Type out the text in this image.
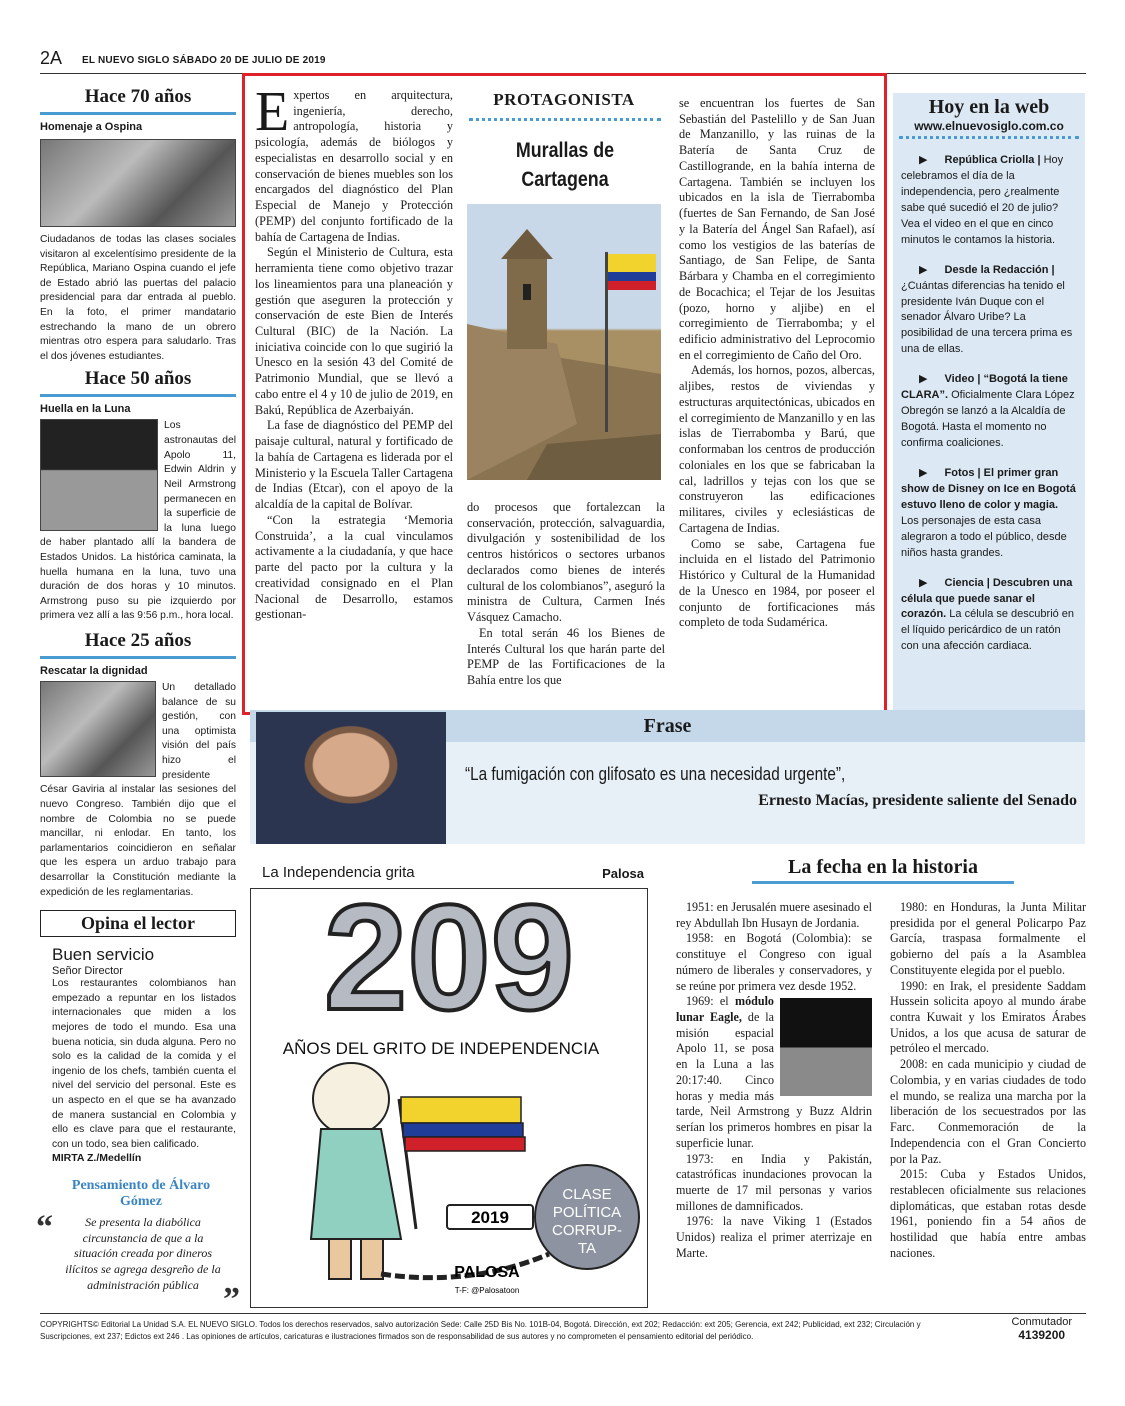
2A EL NUEVO SIGLO SÁBADO 20 DE JULIO DE 2019
Hace 70 años
Homenaje a Ospina
Ciudadanos de todas las clases sociales visitaron al excelentísimo presidente de la República, Mariano Ospina cuando el jefe de Estado abrió las puertas del palacio presidencial para dar entrada al pueblo. En la foto, el primer mandatario estrechando la mano de un obrero mientras otro espera para saludarlo. Tras el dos jóvenes estudiantes.
Hace 50 años
Huella en la Luna
Los astronautas del Apolo 11, Edwin Aldrin y Neil Armstrong permanecen en la superficie de la luna luego de haber plantado allí la bandera de Estados Unidos. La histórica caminata, la huella humana en la luna, tuvo una duración de dos horas y 10 minutos. Armstrong puso su pie izquierdo por primera vez allí a las 9:56 p.m., hora local.
Hace 25 años
Rescatar la dignidad
Un detallado balance de su gestión, con una optimista visión del país hizo el presidente César Gaviria al instalar las sesiones del nuevo Congreso. También dijo que el nombre de Colombia no se puede mancillar, ni enlodar. En tanto, los parlamentarios coincidieron en señalar que les espera un arduo trabajo para desarrollar la Constitución mediante la expedición de les reglamentarias.
Opina el lector
Buen servicio
Señor Director
Los restaurantes colombianos han empezado a repuntar en los listados internacionales que miden a los mejores de todo el mundo. Esa una buena noticia, sin duda alguna. Pero no solo es la calidad de la comida y el ingenio de los chefs, también cuenta el nivel del servicio del personal. Este es un aspecto en el que se ha avanzado de manera sustancial en Colombia y ello es clave para que el restaurante, con un todo, sea bien calificado.
MIRTA Z./Medellín
Pensamiento de Álvaro Gómez
“	Se presenta la diabólica circunstancia de que a la situación creada por dineros ilícitos se agrega desgreño de la administración pública ”
E xpertos en arquitectura, ingeniería, derecho, antropología, historia y psicología, además de biólogos y especialistas en desarrollo social y en conservación de bienes muebles son los encargados del diagnóstico del Plan Especial de Manejo y Protección (PEMP) del conjunto fortificado de la bahía de Cartagena de Indias.

Según el Ministerio de Cultura, esta herramienta tiene como objetivo trazar los lineamientos para una planeación y gestión que aseguren la protección y conservación de este Bien de Interés Cultural (BIC) de la Nación. La iniciativa coincide con lo que sugirió la Unesco en la sesión 43 del Comité de Patrimonio Mundial, que se llevó a cabo entre el 4 y 10 de julio de 2019, en Bakú, República de Azerbaiyán.

La fase de diagnóstico del PEMP del paisaje cultural, natural y fortificado de la bahía de Cartagena es liderada por el Ministerio y la Escuela Taller Cartagena de Indias (Etcar), con el apoyo de la alcaldía de la capital de Bolívar.

“Con la estrategia ‘Memoria Construida’, a la cual vinculamos activamente a la ciudadanía, y que hace parte del pacto por la cultura y la creatividad consignado en el Plan Nacional de Desarrollo, estamos gestionan-

PROTAGONISTA
Murallas de Cartagena
do procesos que fortalezcan la conservación, protección, salvaguardia, divulgación y sostenibilidad de los centros históricos o sectores urbanos declarados como bienes de interés cultural de los colombianos”, aseguró la ministra de Cultura, Carmen Inés Vásquez Camacho.

En total serán 46 los Bienes de Interés Cultural los que harán parte del PEMP de las Fortificaciones de la Bahía entre los que

se encuentran los fuertes de San Sebastián del Pastelillo y de San Juan de Manzanillo, y las ruinas de la Batería de Santa Cruz de Castillogrande, en la bahía interna de Cartagena. También se incluyen los ubicados en la isla de Tierrabomba (fuertes de San Fernando, de San José y la Batería del Ángel San Rafael), así como los vestigios de las baterías de Santiago, de San Felipe, de Santa Bárbara y Chamba en el corregimiento de Bocachica; el Tejar de los Jesuitas (pozo, horno y aljibe) en el corregimiento de Tierrabomba; y el edificio administrativo del Leprocomio en el corregimiento de Caño del Oro.

Además, los hornos, pozos, albercas, aljibes, restos de viviendas y estructuras arquitectónicas, ubicados en el corregimiento de Manzanillo y en las islas de Tierrabomba y Barú, que conformaban los centros de producción coloniales en los que se fabricaban la cal, ladrillos y tejas con los que se construyeron las edificaciones militares, civiles y eclesiásticas de Cartagena de Indias.

Como se sabe, Cartagena fue incluida en el listado del Patrimonio Histórico y Cultural de la Humanidad de la Unesco en 1984, por poseer el conjunto de fortificaciones más completo de toda Sudamérica.

Hoy en la web
www.elnuevosiglo.com.co
▶ República Criolla | Hoy celebramos el día de la independencia, pero ¿realmente sabe qué sucedió el 20 de julio? Vea el video en el que en cinco minutos le contamos la historia.
▶ Desde la Redacción | ¿Cuántas diferencias ha tenido el presidente Iván Duque con el senador Álvaro Uribe? La posibilidad de una tercera prima es una de ellas.
▶ Video | “Bogotá la tiene CLARA”. Oficialmente Clara López Obregón se lanzó a la Alcaldía de Bogotá. Hasta el momento no confirma coaliciones.
▶ Fotos | El primer gran show de Disney on Ice en Bogotá estuvo lleno de color y magia. Los personajes de esta casa alegraron a todo el público, desde niños hasta grandes.
▶ Ciencia | Descubren una célula que puede sanar el corazón. La célula se descubrió en el líquido pericárdico de un ratón con una afección cardiaca.
Frase
“La fumigación con glifosato es una necesidad urgente”,
Ernesto Macías, presidente saliente del Senado
La Independencia grita	Palosa
209
AÑOS DEL GRITO DE INDEPENDENCIA
2019
CLASE
POLÍTICA
CORRUP-
TA
PALOSA
T-F: @Palosatoon
La fecha en la historia

1951: en Jerusalén muere asesinado el rey Abdullah Ibn Husayn de Jordania.

1958: en Bogotá (Colombia): se constituye el Congreso con igual número de liberales y conservadores, y se reúne por primera vez desde 1952.

1969: el módulo lunar Eagle, de la misión espacial Apolo 11, se posa en la Luna a las 20:17:40. Cinco horas y media más tarde, Neil Armstrong y Buzz Aldrin serían los primeros hombres en pisar la superficie lunar.

1973: en India y Pakistán, catastróficas inundaciones provocan la muerte de 17 mil personas y varios millones de damnificados.

1976: la nave Viking 1 (Estados Unidos) realiza el primer aterrizaje en Marte.

1980: en Honduras, la Junta Militar presidida por el general Policarpo Paz García, traspasa formalmente el gobierno del país a la Asamblea Constituyente elegida por el pueblo.

1990: en Irak, el presidente Saddam Hussein solicita apoyo al mundo árabe contra Kuwait y los Emiratos Árabes Unidos, a los que acusa de saturar de petróleo el mercado.

2008: en cada municipio y ciudad de Colombia, y en varias ciudades de todo el mundo, se realiza una marcha por la liberación de los secuestrados por las Farc. Conmemoración de la Independencia con el Gran Concierto por la Paz.

2015: Cuba y Estados Unidos, restablecen oficialmente sus relaciones diplomáticas, que estaban rotas desde 1961, poniendo fin a 54 años de hostilidad que había entre ambas naciones.

COPYRIGHTS© Editorial La Unidad S.A. EL NUEVO SIGLO. Todos los derechos reservados, salvo autorización Sede: Calle 25D Bis No. 101B-04, Bogotá. Dirección, ext 202; Redacción: ext 205; Gerencia, ext 242; Publicidad, ext 232; Circulación y Suscripciones, ext 237; Edictos ext 246 . Las opiniones de artículos, caricaturas e ilustraciones firmados son de responsabilidad de sus autores y no comprometen el pensamiento editorial del periódico.
Conmutador
4139200
